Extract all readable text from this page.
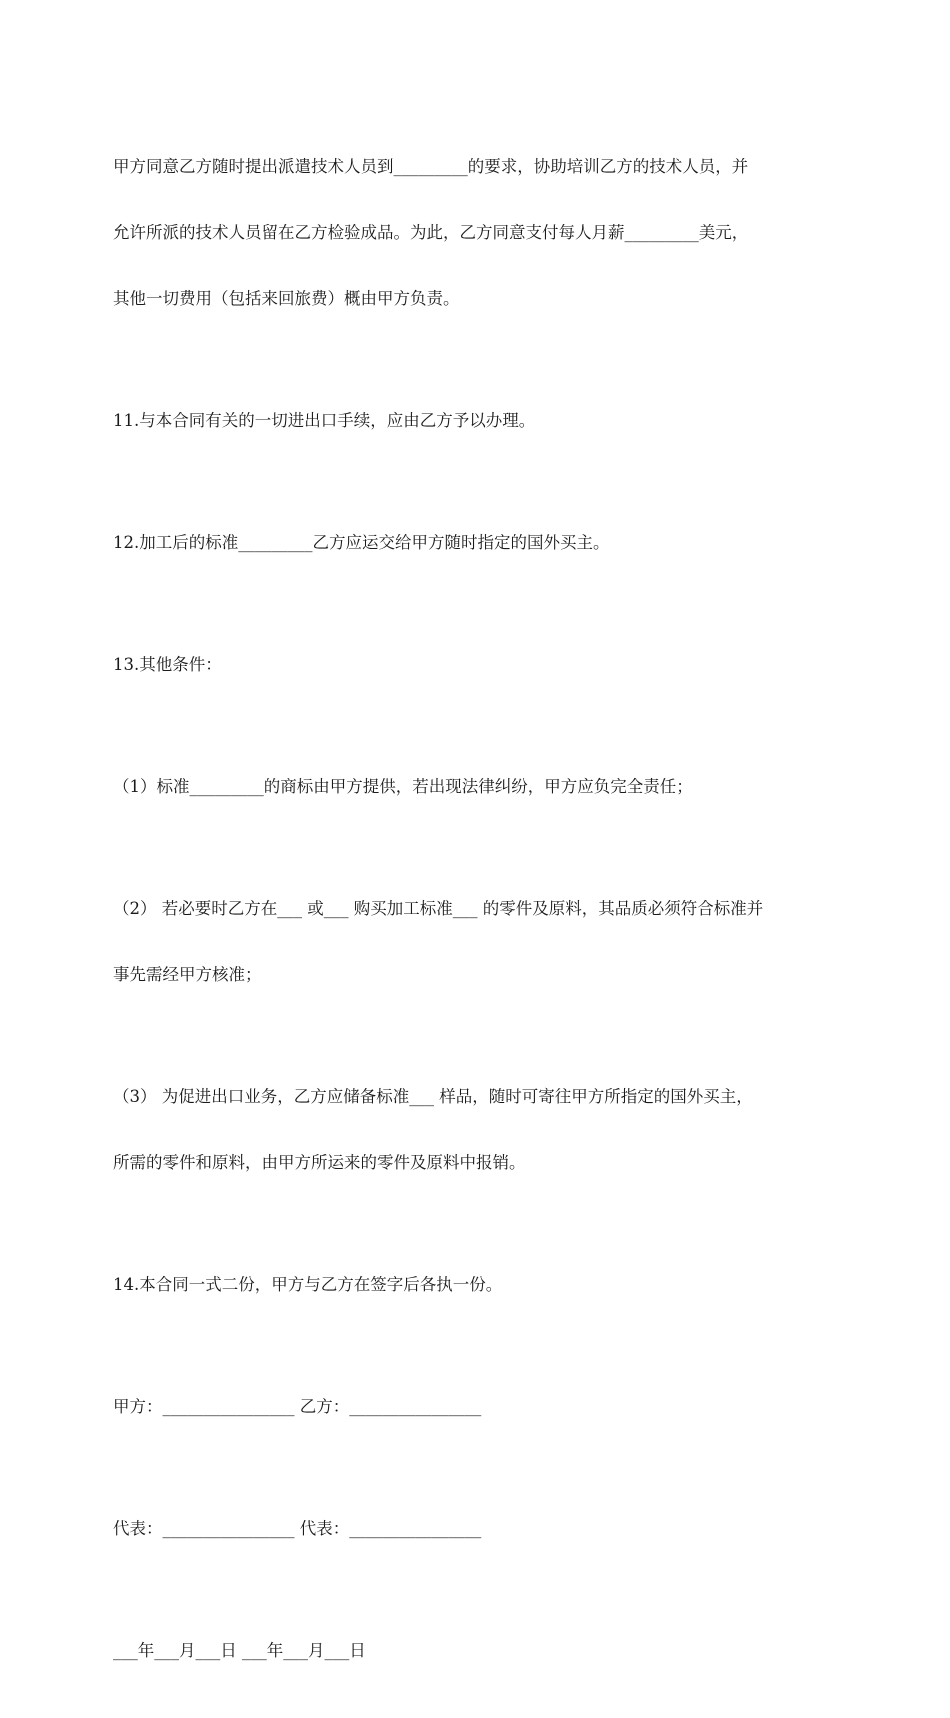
甲方同意乙方随时提出派遣技术人员到_________的要求，协助培训乙方的技术人员，并

允许所派的技术人员留在乙方检验成品。为此，乙方同意支付每人月薪_________美元，

其他一切费用（包括来回旅费）概由甲方负责。

11.与本合同有关的一切进出口手续，应由乙方予以办理。

12.加工后的标准_________乙方应运交给甲方随时指定的国外买主。

13.其他条件：

（1）标准_________的商标由甲方提供，若出现法律纠纷，甲方应负完全责任；

（2） 若必要时乙方在___ 或___ 购买加工标准___ 的零件及原料，其品质必须符合标准并

事先需经甲方核准；

（3） 为促进出口业务，乙方应储备标准___ 样品，随时可寄往甲方所指定的国外买主，

所需的零件和原料，由甲方所运来的零件及原料中报销。

14.本合同一式二份，甲方与乙方在签字后各执一份。

甲方：________________ 乙方：________________

代表：________________ 代表：________________

___年___月___日 ___年___月___日
